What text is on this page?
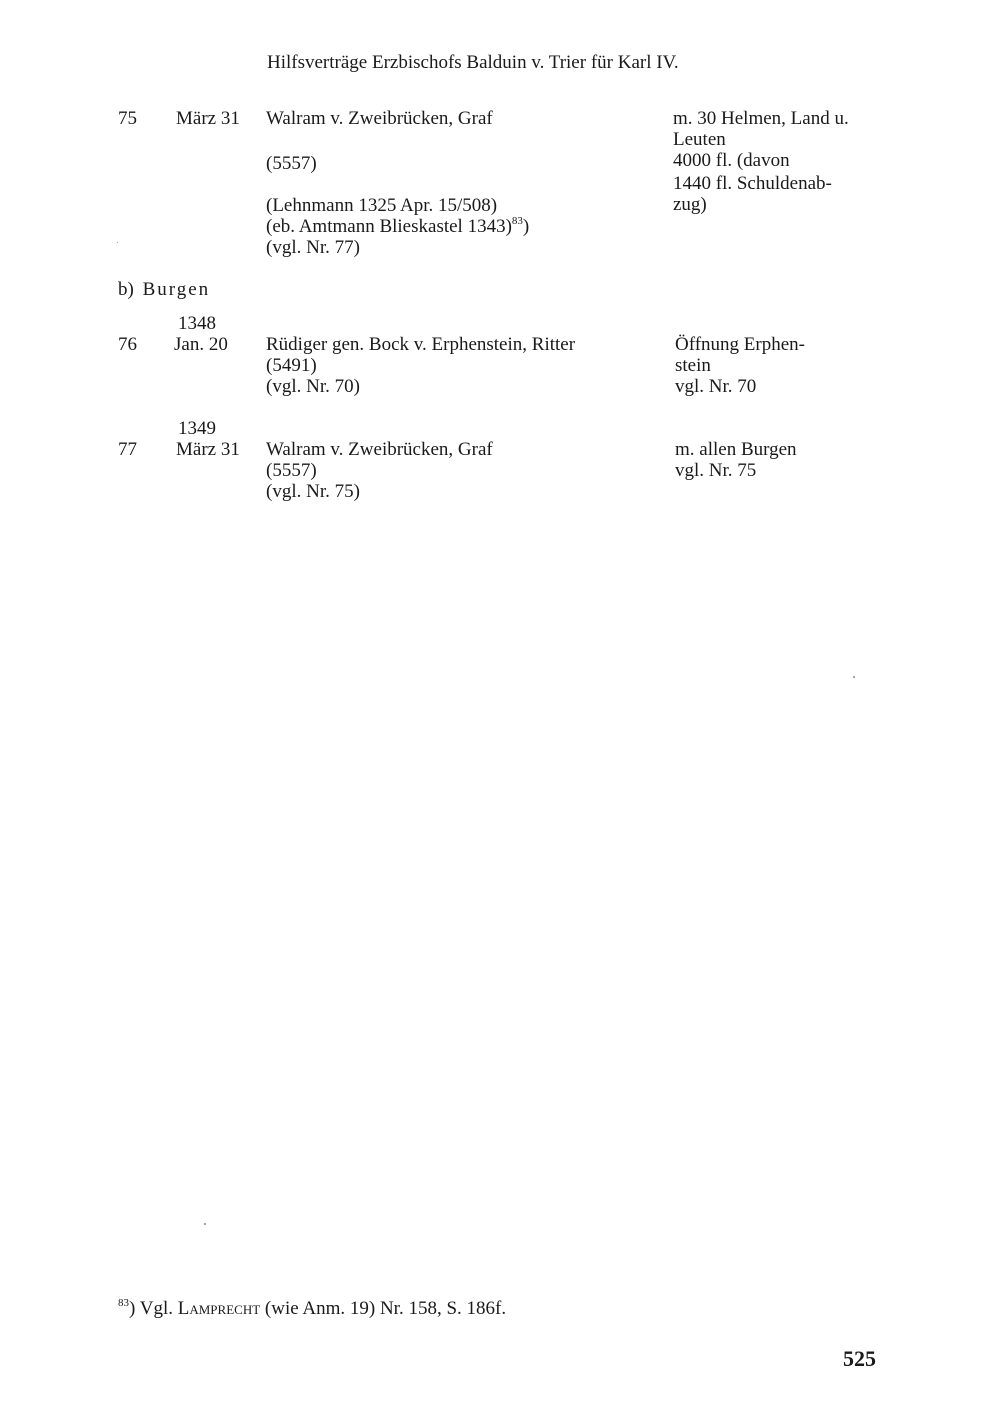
Hilfsverträge Erzbischofs Balduin v. Trier für Karl IV.
75 März 31 Walram v. Zweibrücken, Graf
(5557)
(Lehnmann 1325 Apr. 15/508)
(eb. Amtmann Blieskastel 1343)$^{83}$)
(vgl. Nr. 77)
m. 30 Helmen, Land u.
Leuten
4000 fl. (davon
1440 fl. Schuldenab-
zug)
b) Burgen
1348
76 Jan. 20 Rüdiger gen. Bock v. Erphenstein, Ritter
(5491)
(vgl. Nr. 70)
Öffnung Erphen-
stein
vgl. Nr. 70
1349
77 März 31 Walram v. Zweibrücken, Graf
(5557)
(vgl. Nr. 75)
m. allen Burgen
vgl. Nr. 75
$^{83}$) Vgl. Lamprecht (wie Anm. 19) Nr. 158, S. 186f.
525
